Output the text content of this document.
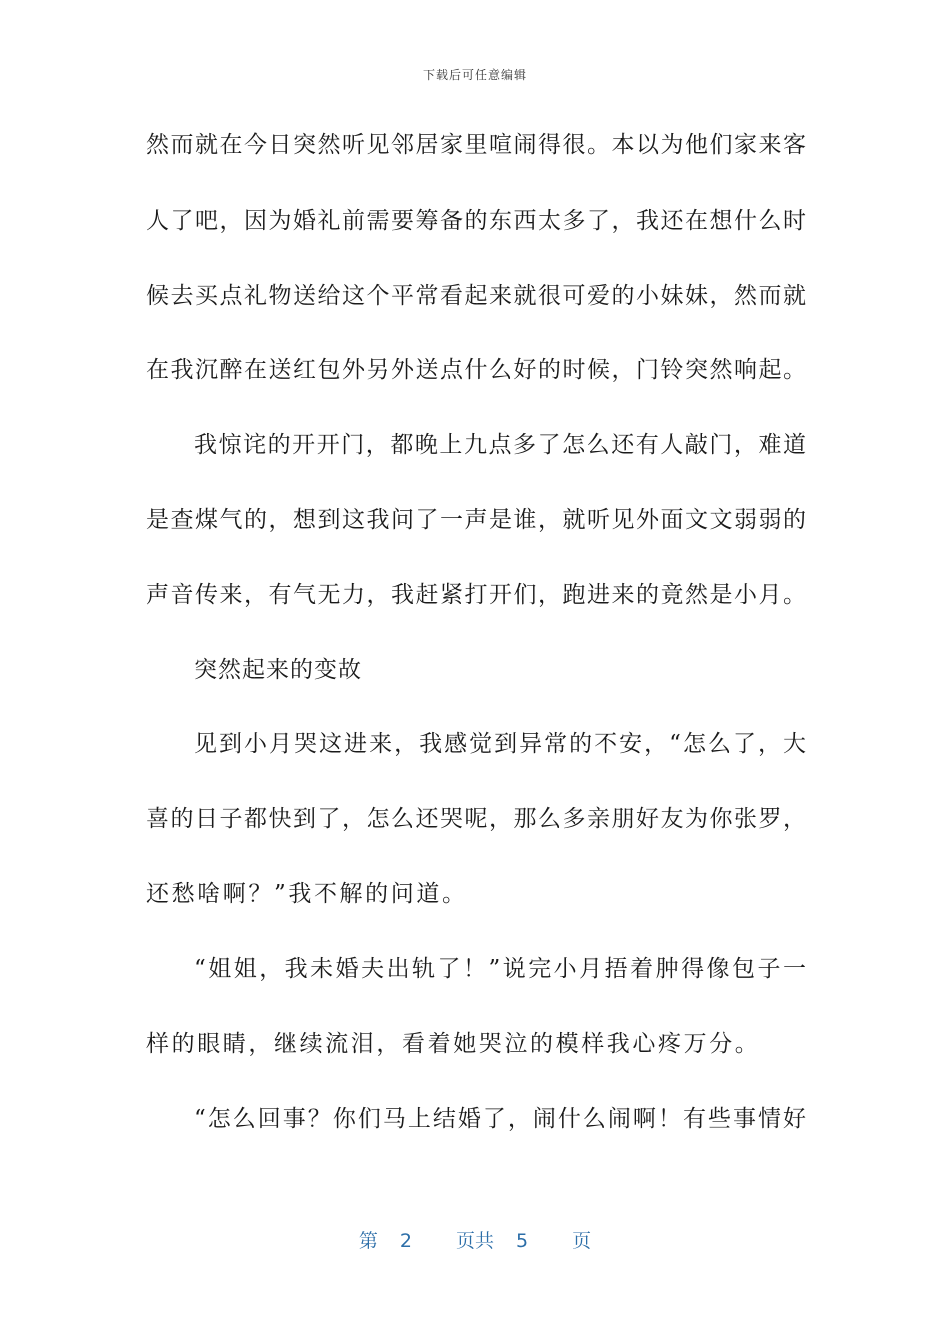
下载后可任意编辑
然而就在今日突然听见邻居家里喧闹得很。本以为他们家来客
人了吧，因为婚礼前需要筹备的东西太多了，我还在想什么时
候去买点礼物送给这个平常看起来就很可爱的小妹妹，然而就
在我沉醉在送红包外另外送点什么好的时候，门铃突然响起。
我惊诧的开开门，都晚上九点多了怎么还有人敲门，难道
是查煤气的，想到这我问了一声是谁，就听见外面文文弱弱的
声音传来，有气无力，我赶紧打开们，跑进来的竟然是小月。
突然起来的变故
见到小月哭这进来，我感觉到异常的不安，“怎么了，大
喜的日子都快到了，怎么还哭呢，那么多亲朋好友为你张罗，
还愁啥啊？”我不解的问道。
“姐姐，我未婚夫出轨了！”说完小月捂着肿得像包子一
样的眼睛，继续流泪，看着她哭泣的模样我心疼万分。
“怎么回事？你们马上结婚了，闹什么闹啊！有些事情好
第 2 页共 5 页
